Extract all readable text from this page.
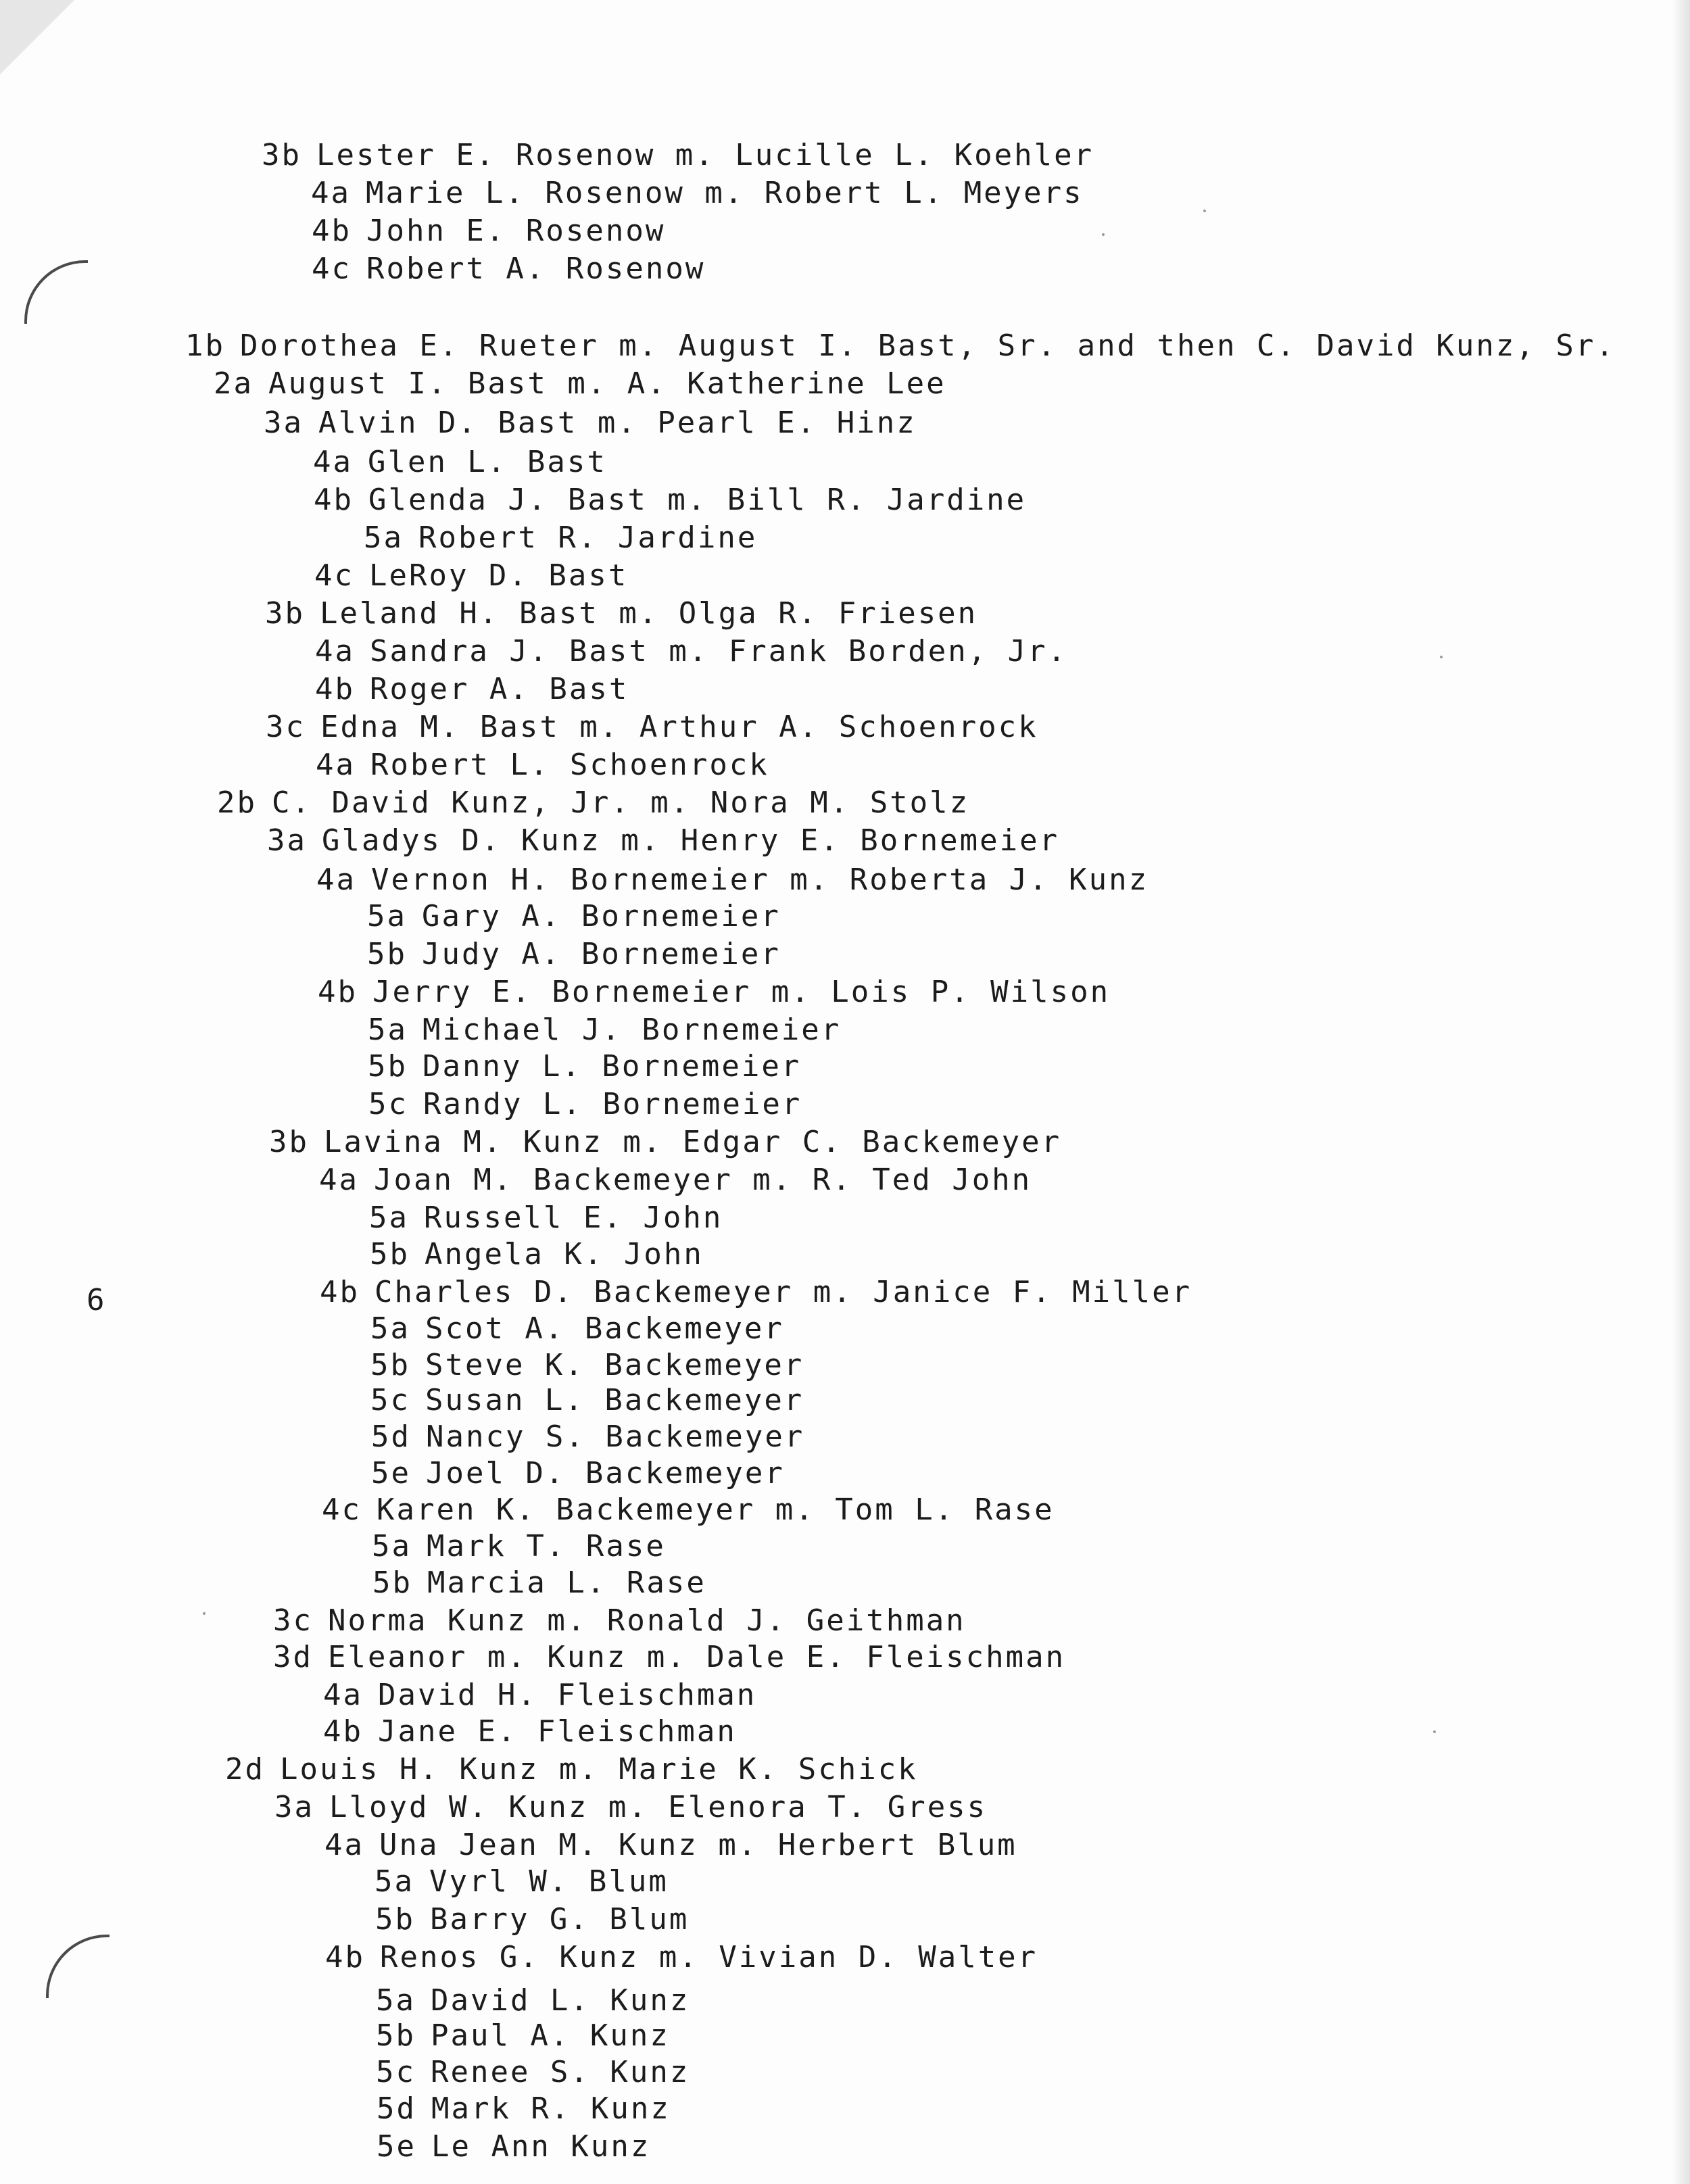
6
3b Lester E. Rosenow m. Lucille L. Koehler
4a Marie L. Rosenow m. Robert L. Meyers
4b John E. Rosenow
4c Robert A. Rosenow
1b Dorothea E. Rueter m. August I. Bast, Sr. and then C. David Kunz, Sr.
2a August I. Bast m. A. Katherine Lee
3a Alvin D. Bast m. Pearl E. Hinz
4a Glen L. Bast
4b Glenda J. Bast m. Bill R. Jardine
5a Robert R. Jardine
4c LeRoy D. Bast
3b Leland H. Bast m. Olga R. Friesen
4a Sandra J. Bast m. Frank Borden, Jr.
4b Roger A. Bast
3c Edna M. Bast m. Arthur A. Schoenrock
4a Robert L. Schoenrock
2b C. David Kunz, Jr. m. Nora M. Stolz
3a Gladys D. Kunz m. Henry E. Bornemeier
4a Vernon H. Bornemeier m. Roberta J. Kunz
5a Gary A. Bornemeier
5b Judy A. Bornemeier
4b Jerry E. Bornemeier m. Lois P. Wilson
5a Michael J. Bornemeier
5b Danny L. Bornemeier
5c Randy L. Bornemeier
3b Lavina M. Kunz m. Edgar C. Backemeyer
4a Joan M. Backemeyer m. R. Ted John
5a Russell E. John
5b Angela K. John
4b Charles D. Backemeyer m. Janice F. Miller
5a Scot A. Backemeyer
5b Steve K. Backemeyer
5c Susan L. Backemeyer
5d Nancy S. Backemeyer
5e Joel D. Backemeyer
4c Karen K. Backemeyer m. Tom L. Rase
5a Mark T. Rase
5b Marcia L. Rase
3c Norma Kunz m. Ronald J. Geithman
3d Eleanor m. Kunz m. Dale E. Fleischman
4a David H. Fleischman
4b Jane E. Fleischman
2d Louis H. Kunz m. Marie K. Schick
3a Lloyd W. Kunz m. Elenora T. Gress
4a Una Jean M. Kunz m. Herbert Blum
5a Vyrl W. Blum
5b Barry G. Blum
4b Renos G. Kunz m. Vivian D. Walter
5a David L. Kunz
5b Paul A. Kunz
5c Renee S. Kunz
5d Mark R. Kunz
5e Le Ann Kunz
